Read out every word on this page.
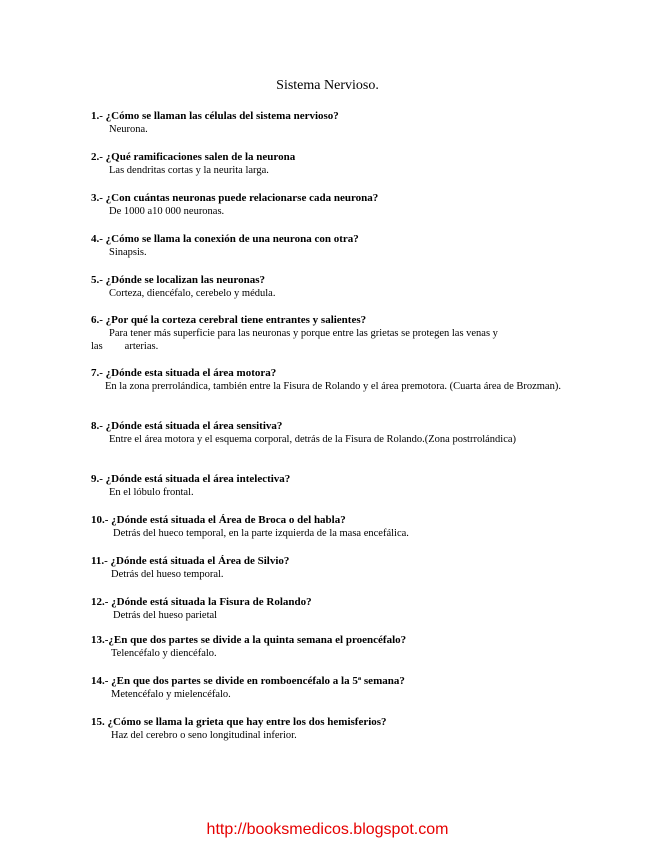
Sistema Nervioso.
1.- ¿Cómo se llaman las células del sistema nervioso?
Neurona.
2.- ¿Qué ramificaciones salen de la neurona
Las dendritas cortas y la neurita larga.
3.- ¿Con cuántas neuronas puede relacionarse cada neurona?
De 1000 a10 000 neuronas.
4.- ¿Cómo se llama la conexión de una neurona con otra?
Sinapsis.
5.- ¿Dónde se localizan las neuronas?
Corteza, diencéfalo, cerebelo y médula.
6.- ¿Por qué la corteza cerebral tiene entrantes y salientes?
Para tener más superficie para las neuronas y porque entre las grietas se protegen las venas y
las arterias.
7.- ¿Dónde esta situada el área motora?
En la zona prerrolándica, también entre la Fisura de Rolando y el área premotora. (Cuarta área de Brozman).
8.- ¿Dónde está situada el área sensitiva?
Entre el área motora y el esquema corporal, detrás de la Fisura de Rolando.(Zona postrrolándica)
9.- ¿Dónde está situada el área intelectiva?
En el lóbulo frontal.
10.- ¿Dónde está situada el Área de Broca o del habla?
Detrás del hueco temporal, en la parte izquierda de la masa encefálica.
11.- ¿Dónde está situada el Área de Silvio?
Detrás del hueso temporal.
12.- ¿Dónde está situada la Fisura de Rolando?
Detrás del hueso parietal
13.-¿En que dos partes se divide a la quinta semana el proencéfalo?
Telencéfalo y diencéfalo.
14.- ¿En que dos partes se divide en romboencéfalo a la 5ª semana?
Metencéfalo y mielencéfalo.
15. ¿Cómo se llama la grieta que hay entre los dos hemisferios?
Haz del cerebro o seno longitudinal inferior.
http://booksmedicos.blogspot.com
